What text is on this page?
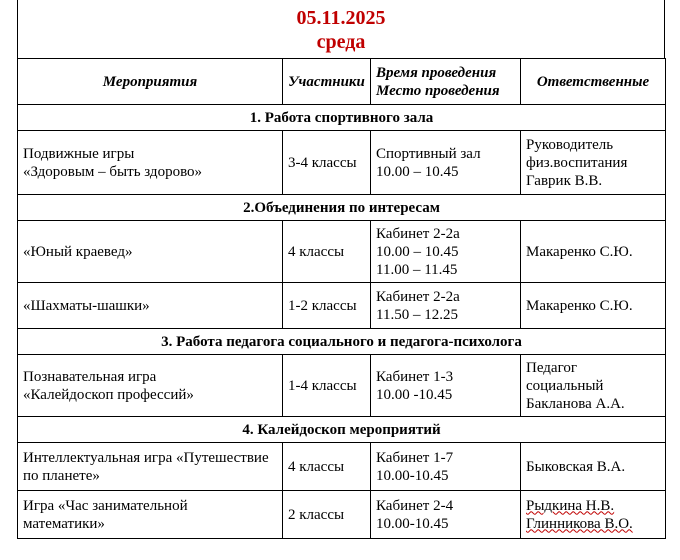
05.11.2025
среда
Мероприятия	Участники	Время проведения
Место проведения	Ответственные
1. Работа спортивного зала			

Подвижные игры
«Здоровым – быть здорово»	3-4 классы	Спортивный зал
10.00 – 10.45	Руководитель
физ.воспитания
Гаврик В.В.

2.Объединения по интересам			

«Юный краевед»	4 классы	Кабинет 2-2а
10.00 – 10.45
11.00 – 11.45	Макаренко С.Ю.

«Шахматы-шашки»	1-2 классы	Кабинет 2-2а
11.50 – 12.25	Макаренко С.Ю.

3. Работа педагога социального и педагога-психолога			

Познавательная игра
«Калейдоскоп профессий»	1-4 классы	Кабинет 1-3
10.00 -10.45	Педагог
социальный
Бакланова А.А.

4. Калейдоскоп мероприятий			

Интеллектуальная игра «Путешествие
по планете»	4 классы	Кабинет 1-7
10.00-10.45	Быковская В.А.

Игра «Час занимательной
математики»	2 классы	Кабинет 2-4
10.00-10.45	Рыдкина Н.В.
Глинникова В.О.
